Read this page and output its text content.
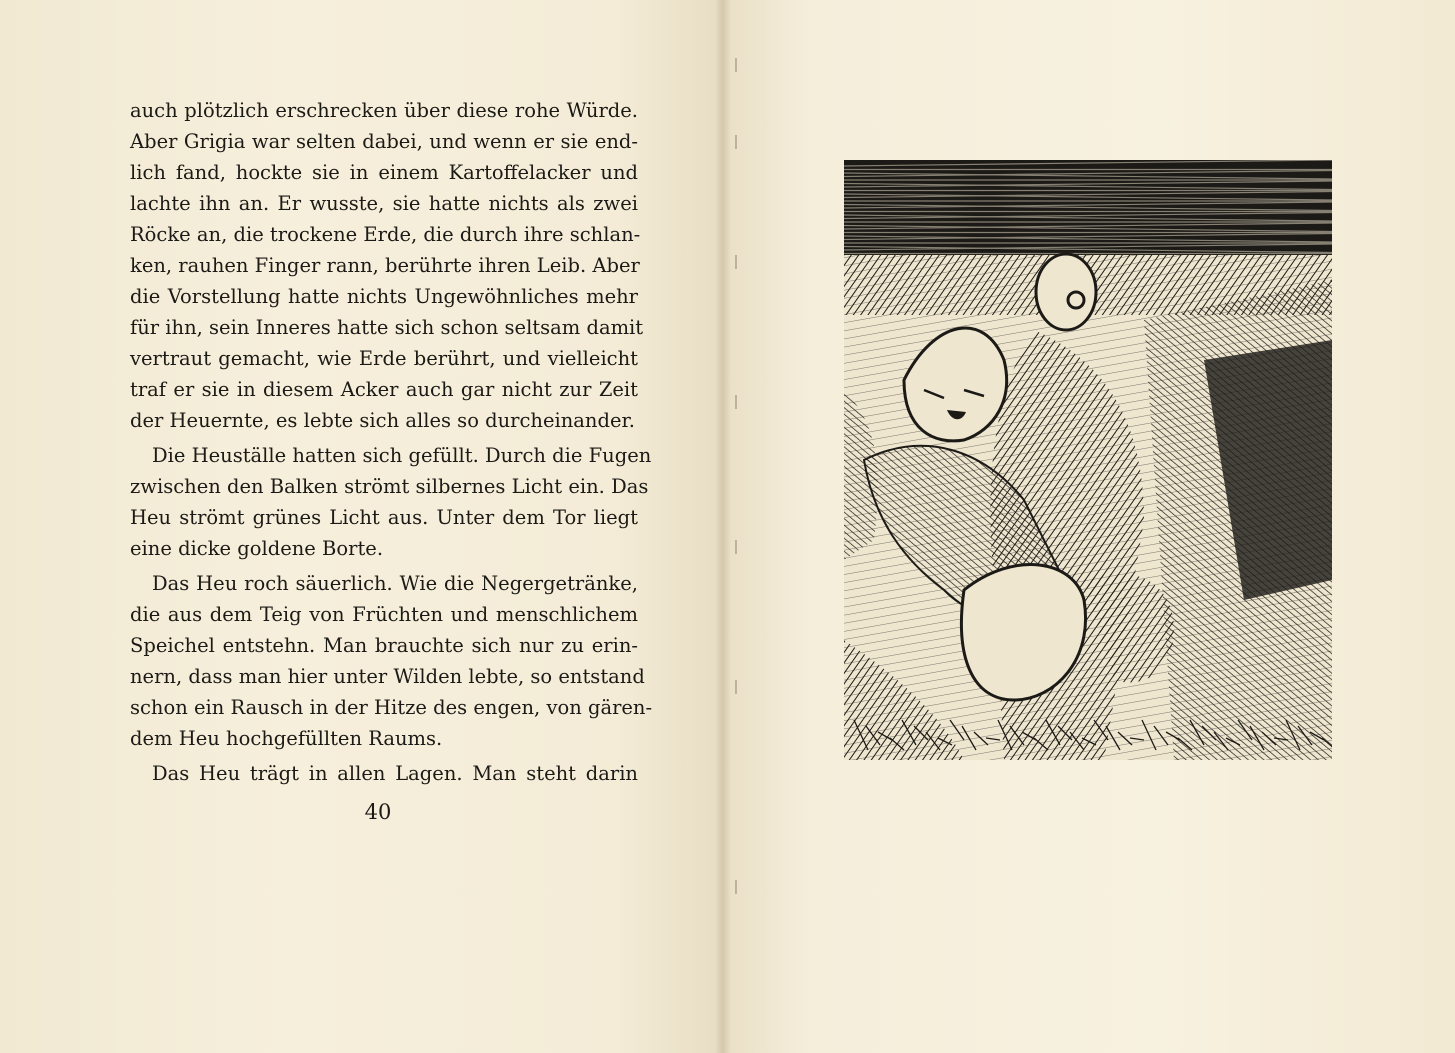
auch plötzlich erschrecken über diese rohe Würde.
Aber Grigia war selten dabei, und wenn er sie end-
lich fand, hockte sie in einem Kartoffelacker und
lachte ihn an. Er wusste, sie hatte nichts als zwei
Röcke an, die trockene Erde, die durch ihre schlan-
ken, rauhen Finger rann, berührte ihren Leib. Aber
die Vorstellung hatte nichts Ungewöhnliches mehr
für ihn, sein Inneres hatte sich schon seltsam damit
vertraut gemacht, wie Erde berührt, und vielleicht
traf er sie in diesem Acker auch gar nicht zur Zeit
der Heuernte, es lebte sich alles so durcheinander.
Die Heuställe hatten sich gefüllt. Durch die Fugen
zwischen den Balken strömt silbernes Licht ein. Das
Heu strömt grünes Licht aus. Unter dem Tor liegt
eine dicke goldene Borte.
Das Heu roch säuerlich. Wie die Negergetränke,
die aus dem Teig von Früchten und menschlichem
Speichel entstehn. Man brauchte sich nur zu erin-
nern, dass man hier unter Wilden lebte, so entstand
schon ein Rausch in der Hitze des engen, von gären-
dem Heu hochgefüllten Raums.
Das Heu trägt in allen Lagen. Man steht darin
40
